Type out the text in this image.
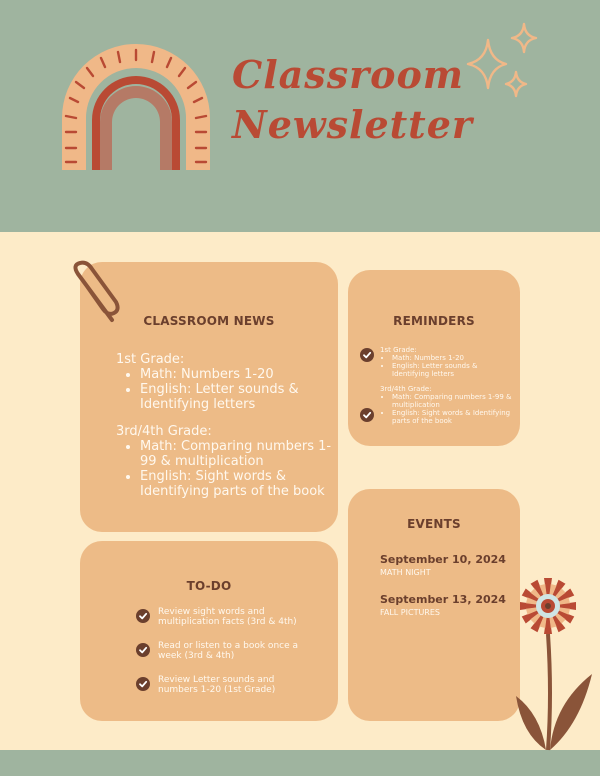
Classroom
Newsletter
CLASSROOM NEWS
1st Grade:
• Math: Numbers 1-20
• English: Letter sounds & Identifying letters
3rd/4th Grade:
• Math: Comparing numbers 1-99 & multiplication
• English: Sight words & Identifying parts of the book
TO-DO
Review sight words and multiplication facts (3rd & 4th)
Read or listen to a book once a week (3rd & 4th)
Review Letter sounds and numbers 1-20 (1st Grade)
REMINDERS
1st Grade:
• Math: Numbers 1-20
• English: Letter sounds & Identifying letters
3rd/4th Grade:
• Math: Comparing numbers 1-99 & multiplication
• English: Sight words & Identifying parts of the book
EVENTS
September 10, 2024
MATH NIGHT
September 13, 2024
FALL PICTURES
